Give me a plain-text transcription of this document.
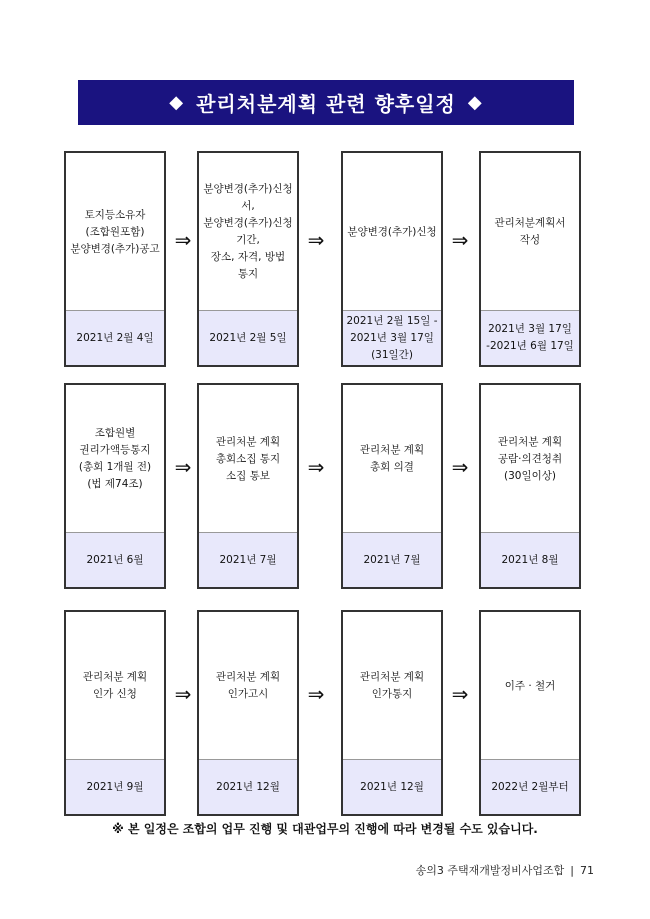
◆ 관리처분계획 관련 향후일정 ◆
토지등소유자
(조합원포함)
분양변경(추가)공고
2021년 2월 4일
⇒
분양변경(추가)신청서,
분양변경(추가)신청기간,
장소, 자격, 방법
통지
2021년 2월 5일
⇒	분양변경(추가)신청
2021년 2월 15일 -
2021년 3월 17일
(31일간)
⇒
관리처분계획서
작성
2021년 3월 17일
-2021년 6월 17일
조합원별
권리가액등통지
(총회 1개월 전)
(법 제74조)
2021년 6월
⇒
관리처분 계획
총회소집 통지
소집 통보
2021년 7월
⇒
관리처분 계획
총회 의결
2021년 7월
⇒
관리처분 계획
공람·의견청취
(30일이상)
2021년 8월
관리처분 계획
인가 신청
2021년 9월
⇒
관리처분 계획
인가고시
2021년 12월
⇒
관리처분 계획
인가통지
2021년 12월
⇒	이주 · 철거
2022년 2월부터
※ 본 일정은 조합의 업무 진행 및 대관업무의 진행에 따라 변경될 수도 있습니다.
송의3 주택재개발정비사업조합 | 71
